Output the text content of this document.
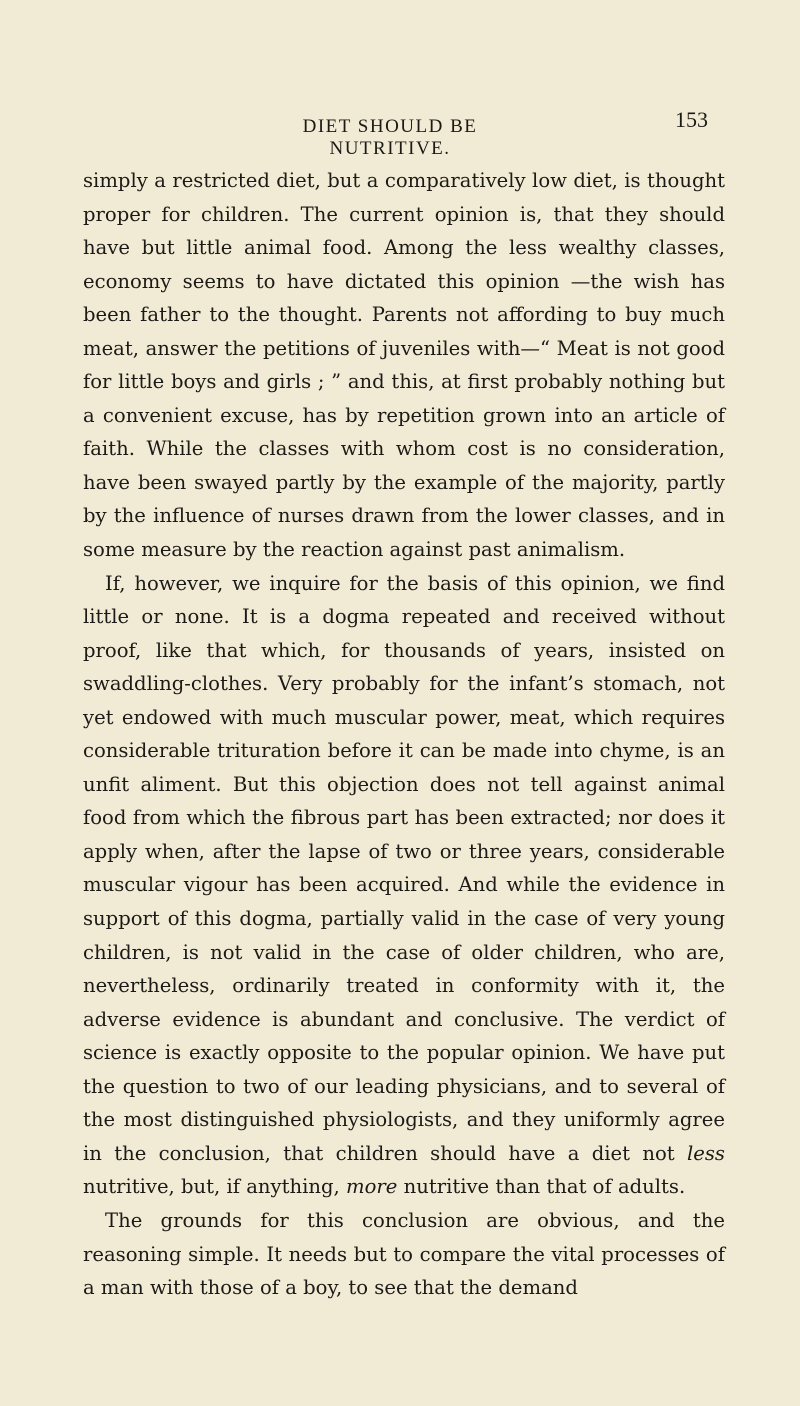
DIET SHOULD BE NUTRITIVE.
153

simply a restricted diet, but a comparatively low diet, is thought proper for children. The current opinion is, that they should have but little animal food. Among the less wealthy classes, economy seems to have dictated this opinion —the wish has been father to the thought. Parents not affording to buy much meat, answer the petitions of juveniles with—“ Meat is not good for little boys and girls ; ” and this, at first probably nothing but a convenient excuse, has by repetition grown into an article of faith. While the classes with whom cost is no consideration, have been swayed partly by the example of the majority, partly by the influence of nurses drawn from the lower classes, and in some measure by the reaction against past animalism.

If, however, we inquire for the basis of this opinion, we find little or none. It is a dogma repeated and received without proof, like that which, for thousands of years, insisted on swaddling-clothes. Very probably for the infant’s stomach, not yet endowed with much muscular power, meat, which requires considerable trituration before it can be made into chyme, is an unfit aliment. But this objection does not tell against animal food from which the fibrous part has been extracted; nor does it apply when, after the lapse of two or three years, considerable muscular vigour has been acquired. And while the evidence in support of this dogma, partially valid in the case of very young children, is not valid in the case of older children, who are, nevertheless, ordinarily treated in conformity with it, the adverse evidence is abundant and conclusive. The verdict of science is exactly opposite to the popular opinion. We have put the question to two of our leading physicians, and to several of the most distinguished physiologists, and they uniformly agree in the conclusion, that children should have a diet not less nutritive, but, if anything, more nutritive than that of adults.

The grounds for this conclusion are obvious, and the reasoning simple. It needs but to compare the vital processes of a man with those of a boy, to see that the demand
